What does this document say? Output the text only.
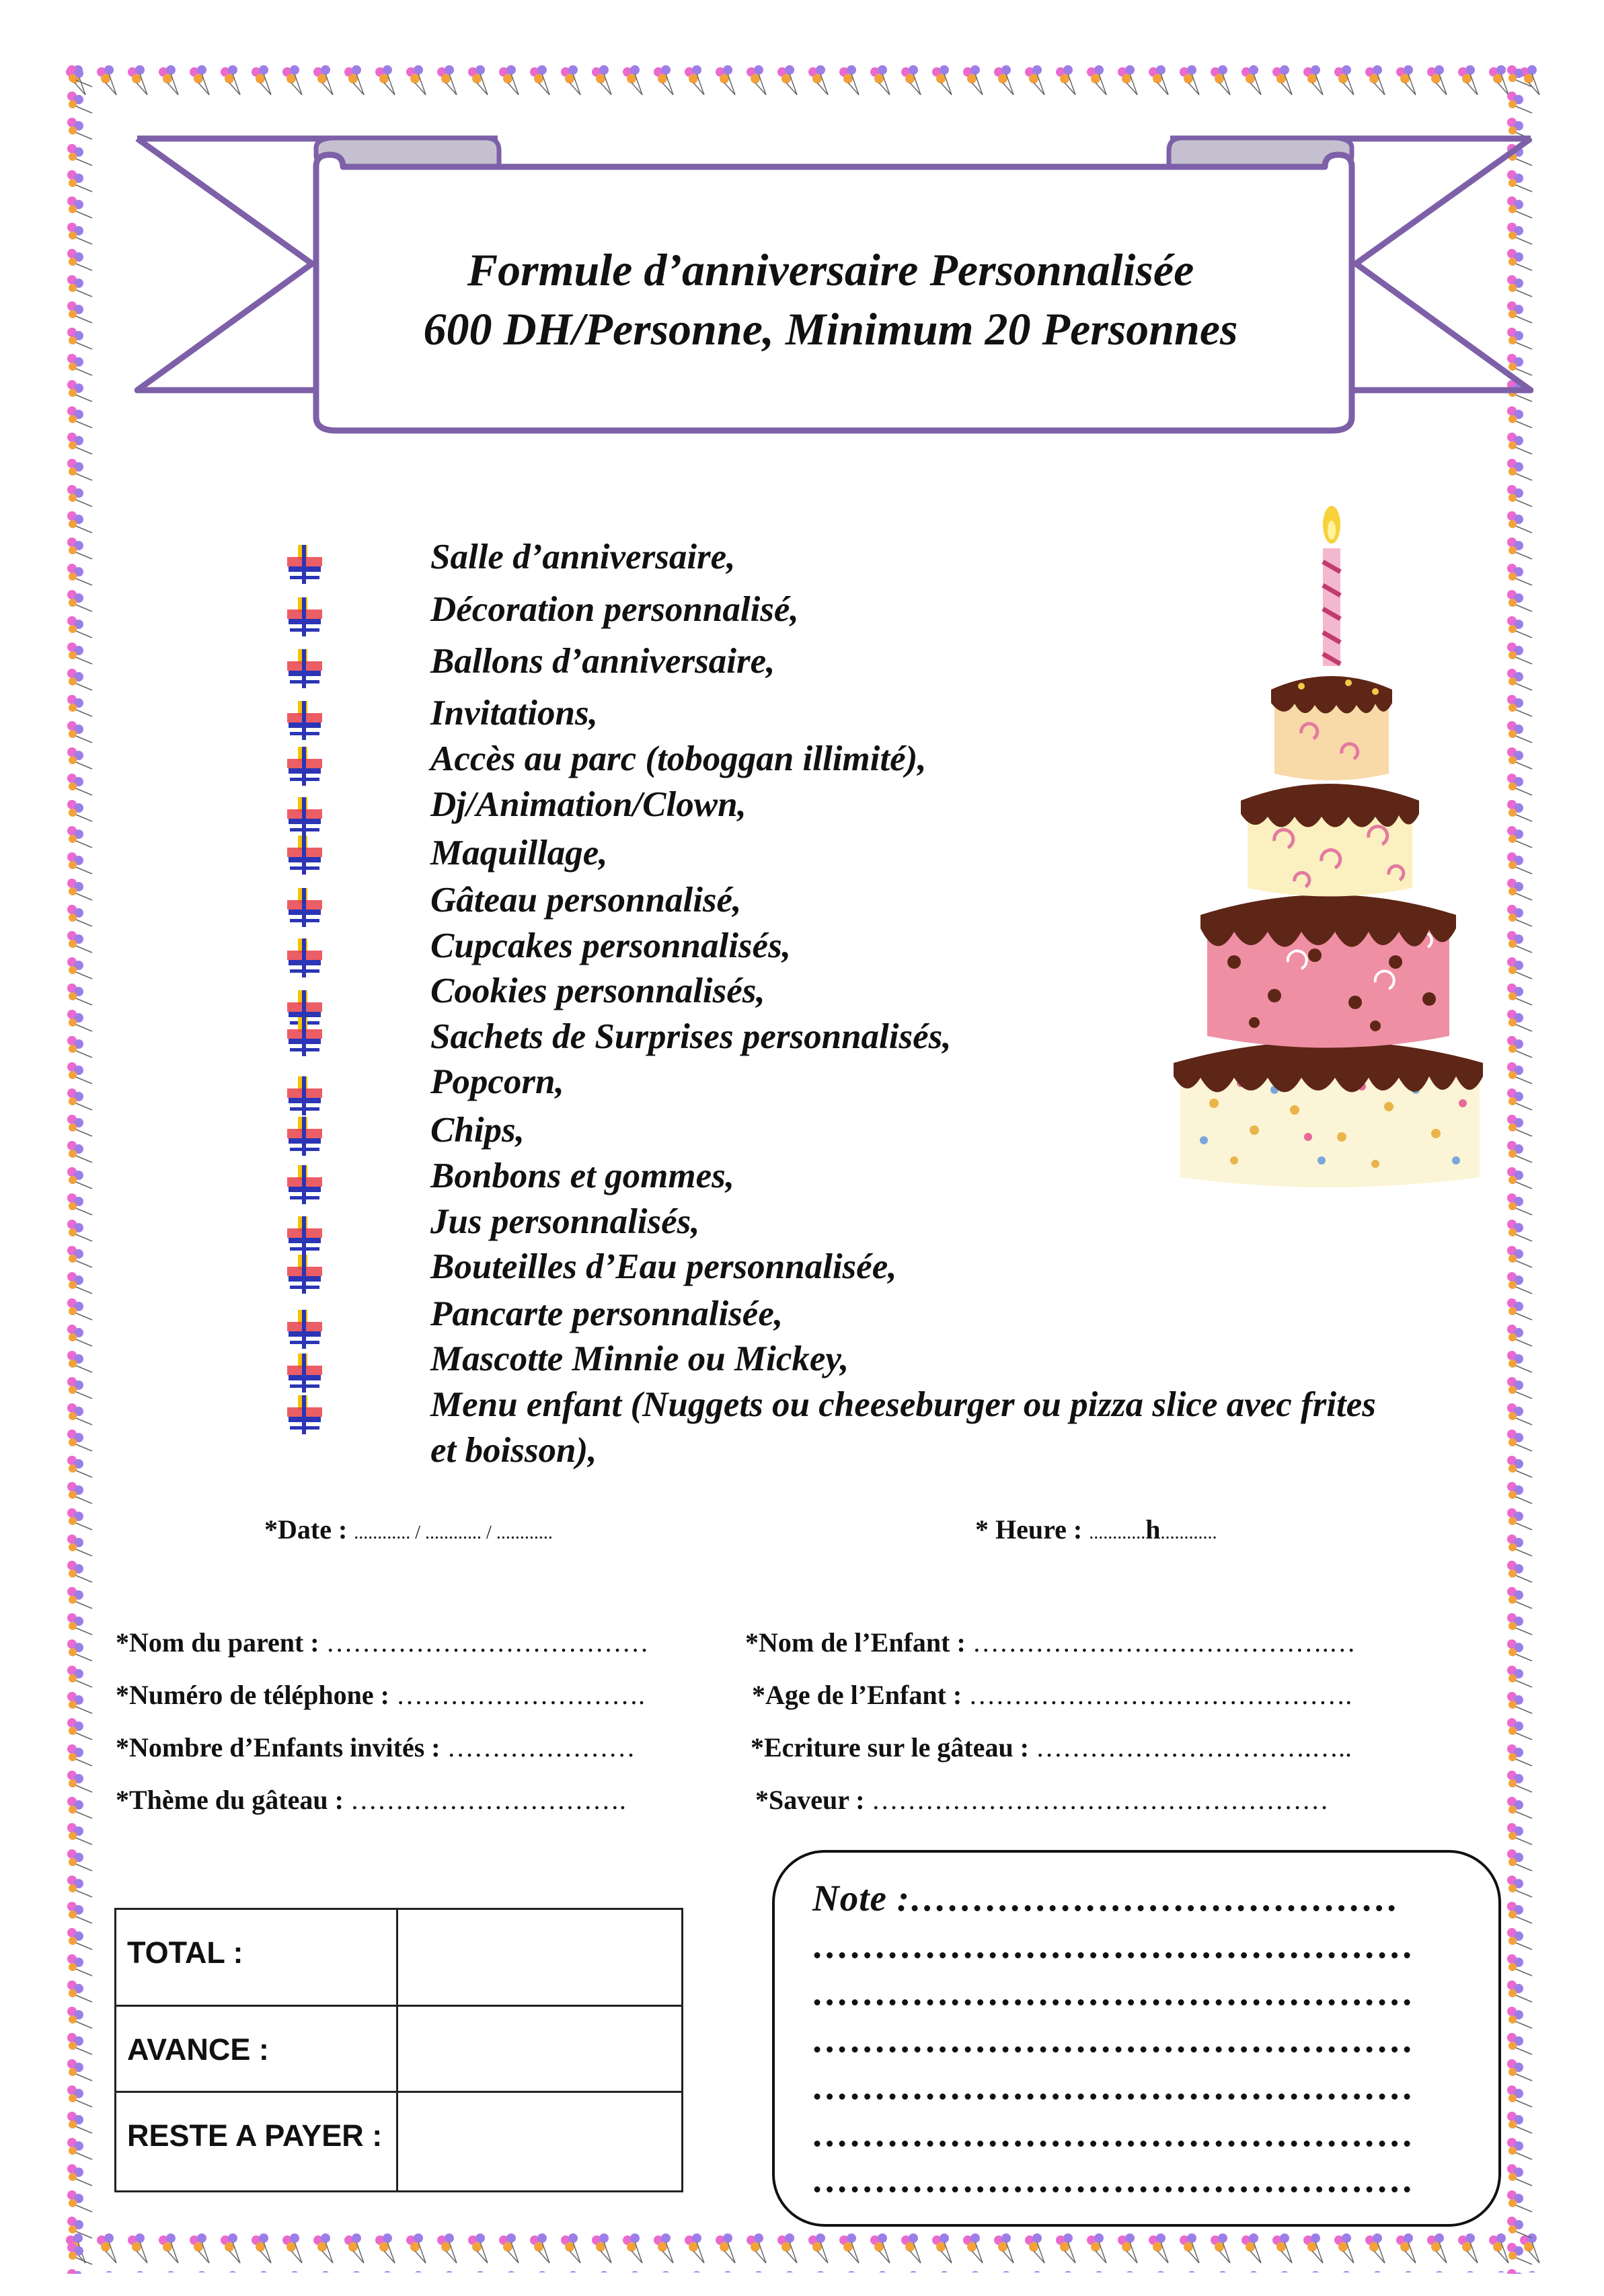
Formule d’anniversaire Personnalisée
600 DH/Personne, Minimum 20 Personnes
Salle d’anniversaire,
Décoration personnalisé,
Ballons d’anniversaire,
Invitations,
Accès au parc (toboggan illimité),
Dj/Animation/Clown,
Maquillage,
Gâteau personnalisé,
Cupcakes personnalisés,
Cookies personnalisés,
Sachets de Surprises personnalisés,
Popcorn,
Chips,
Bonbons et gommes,
Jus personnalisés,
Bouteilles d’Eau personnalisée,
Pancarte personnalisée,
Mascotte Minnie ou Mickey,
Menu enfant (Nuggets ou cheeseburger ou pizza slice avec frites
et boisson),
*Date : ............ / ............ / ............	* Heure : ............h............
*Nom du parent : ………………………………	*Nom de l’Enfant : ………………………………….…
*Numéro de téléphone : ……………………….	*Age de l’Enfant : …………………………………….
*Nombre d’Enfants invités : …………………	*Ecriture sur le gâteau : ………………………….…..
*Thème du gâteau : ………………………….	*Saveur : ……………………………………………
TOTAL :	
AVANCE :	
RESTE A PAYER :	
Note :…………………………………
…………………………………………
…………………………………………
…………………………………………
…………………………………………
…………………………………………
…………………………………………
